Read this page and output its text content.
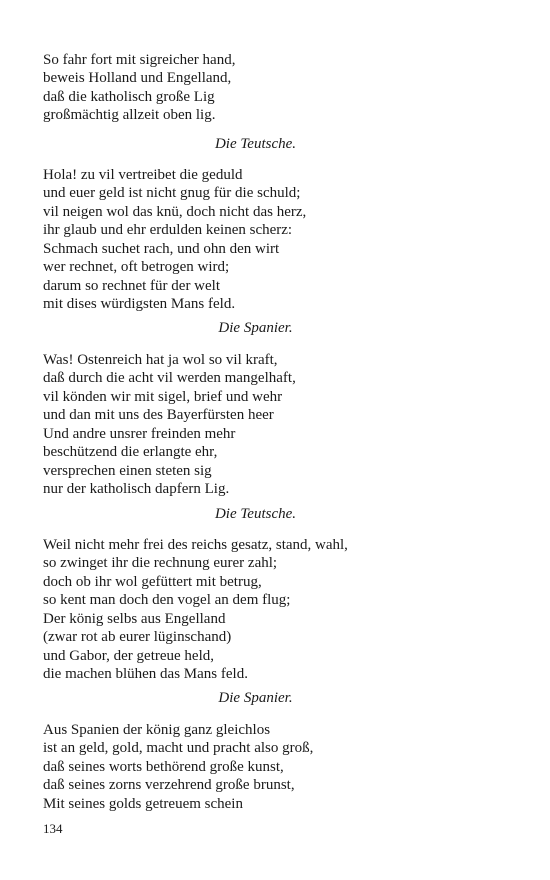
So fahr fort mit sigreicher hand,
beweis Holland und Engelland,
daß die katholisch große Lig
großmächtig allzeit oben lig.
Die Teutsche.
Hola! zu vil vertreibet die geduld
und euer geld ist nicht gnug für die schuld;
vil neigen wol das knü, doch nicht das herz,
ihr glaub und ehr erdulden keinen scherz:
Schmach suchet rach, und ohn den wirt
wer rechnet, oft betrogen wird;
darum so rechnet für der welt
mit dises würdigsten Mans feld.
Die Spanier.
Was! Ostenreich hat ja wol so vil kraft,
daß durch die acht vil werden mangelhaft,
vil könden wir mit sigel, brief und wehr
und dan mit uns des Bayerfürsten heer
Und andre unsrer freinden mehr
beschützend die erlangte ehr,
versprechen einen steten sig
nur der katholisch dapfern Lig.
Die Teutsche.
Weil nicht mehr frei des reichs gesatz, stand, wahl,
so zwinget ihr die rechnung eurer zahl;
doch ob ihr wol gefüttert mit betrug,
so kent man doch den vogel an dem flug;
Der könig selbs aus Engelland
(zwar rot ab eurer lüginschand)
und Gabor, der getreue held,
die machen blühen das Mans feld.
Die Spanier.
Aus Spanien der könig ganz gleichlos
ist an geld, gold, macht und pracht also groß,
daß seines worts bethörend große kunst,
daß seines zorns verzehrend große brunst,
Mit seines golds getreuem schein
134
